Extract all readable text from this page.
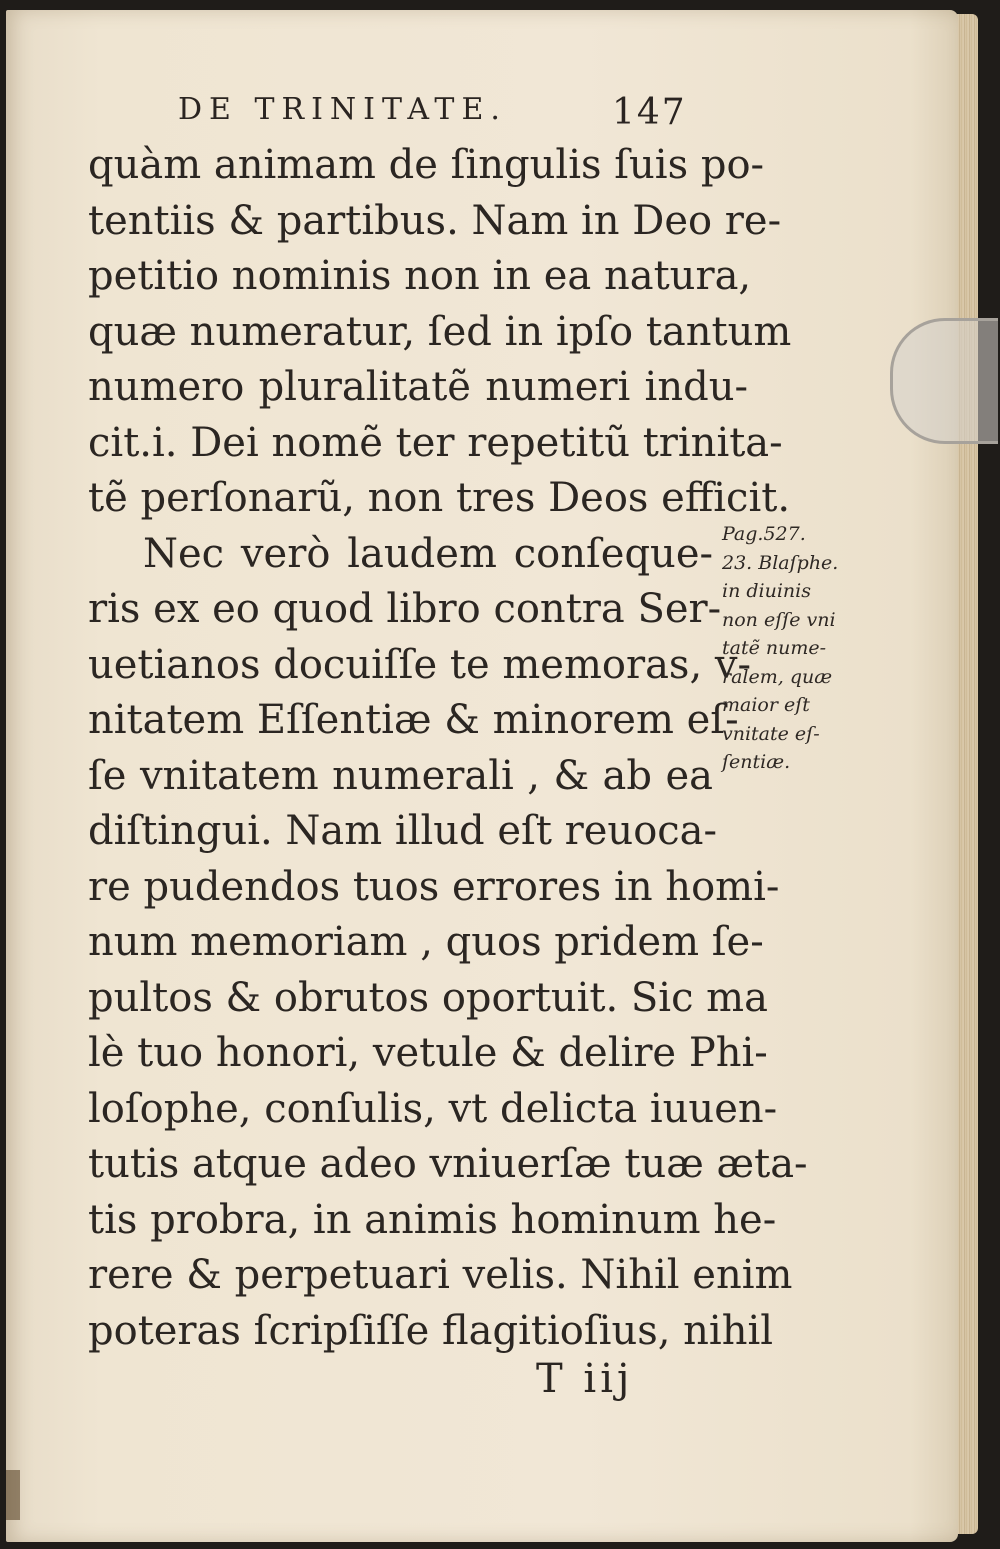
DE TRINITATE.	147
quàm animam de ſingulis ſuis po-
tentiis & partibus. Nam in Deo re-
petitio nominis non in ea natura,
quæ numeratur, ſed in ipſo tantum
numero pluralitatẽ numeri indu-
cit.i. Dei nomẽ ter repetitũ trinita-
tẽ perſonarũ, non tres Deos efficit.
Nec verò laudem conſeque-
ris ex eo quod libro contra Ser-
uetianos docuiſſe te memoras, v-
nitatem Eſſentiæ & minorem eſ-
ſe vnitatem numerali , & ab ea
diſtingui. Nam illud eſt reuoca-
re pudendos tuos errores in homi-
num memoriam , quos pridem ſe-
pultos & obrutos oportuit. Sic ma
lè tuo honori, vetule & delire Phi-
loſophe, conſulis, vt delicta iuuen-
tutis atque adeo vniuerſæ tuæ æta-
tis probra, in animis hominum he-
rere & perpetuari velis. Nihil enim
poteras ſcripſiſſe flagitioſius, nihil
Pag.527.
23. Blaſphe.
in diuinis
non eſſe vni
tatẽ nume-
ralem, quæ
maior eſt
vnitate eſ-
ſentiæ.
T iij
